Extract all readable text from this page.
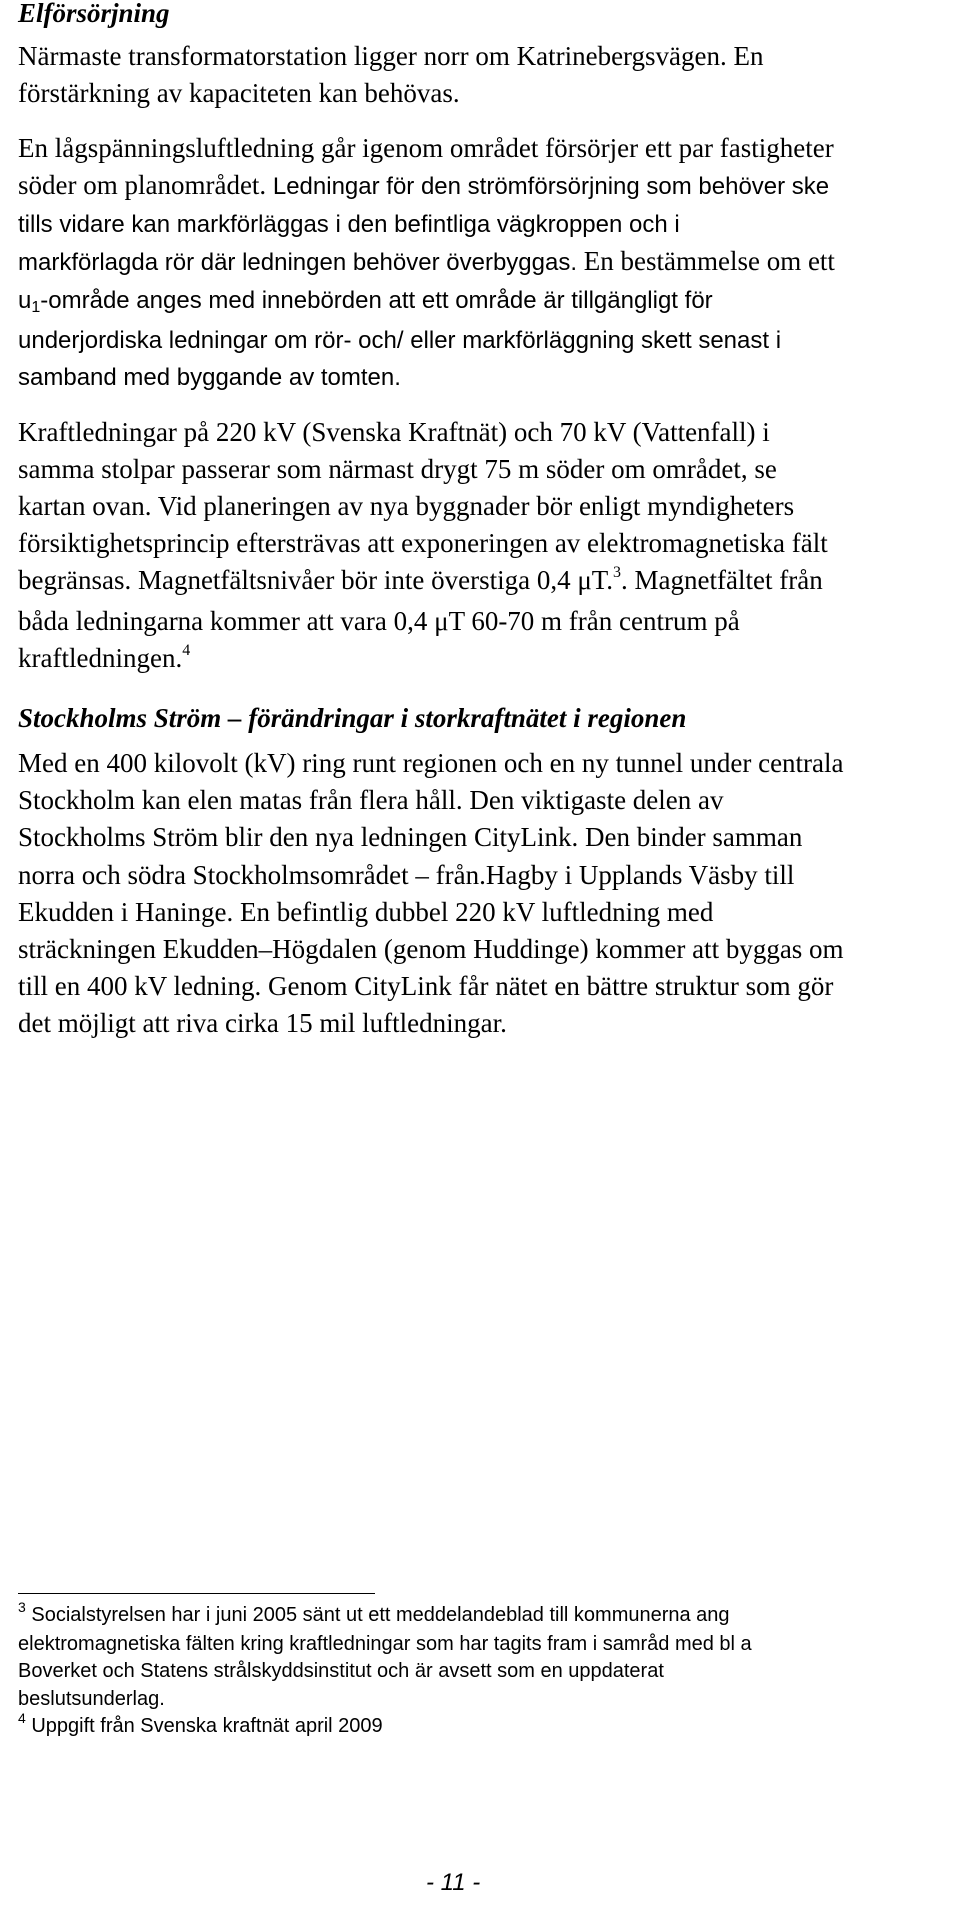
Elförsörjning

Närmaste transformatorstation ligger norr om Katrinebergsvägen. En
förstärkning av kapaciteten kan behövas.

En lågspänningsluftledning går igenom området försörjer ett par fastigheter
söder om planområdet. Ledningar för den strömförsörjning som behöver ske
tills vidare kan markförläggas i den befintliga vägkroppen och i
markförlagda rör där ledningen behöver överbyggas. En bestämmelse om ett
u1-område anges med innebörden att ett område är tillgängligt för
underjordiska ledningar om rör- och/ eller markförläggning skett senast i
samband med byggande av tomten.

Kraftledningar på 220 kV (Svenska Kraftnät) och 70 kV (Vattenfall) i
samma stolpar passerar som närmast drygt 75 m söder om området, se
kartan ovan. Vid planeringen av nya byggnader bör enligt myndigheters
försiktighetsprincip eftersträvas att exponeringen av elektromagnetiska fält
begränsas. Magnetfältsnivåer bör inte överstiga 0,4 μT.$^3$. Magnetfältet från
båda ledningarna kommer att vara 0,4 μT 60-70 m från centrum på
kraftledningen.$^4$

Stockholms Ström – förändringar i storkraftnätet i regionen

Med en 400 kilovolt (kV) ring runt regionen och en ny tunnel under centrala
Stockholm kan elen matas från flera håll. Den viktigaste delen av
Stockholms Ström blir den nya ledningen CityLink. Den binder samman
norra och södra Stockholmsområdet – från.Hagby i Upplands Väsby till
Ekudden i Haninge. En befintlig dubbel 220 kV luftledning med
sträckningen Ekudden–Högdalen (genom Huddinge) kommer att byggas om
till en 400 kV ledning. Genom CityLink får nätet en bättre struktur som gör
det möjligt att riva cirka 15 mil luftledningar.

$^3$ Socialstyrelsen har i juni 2005 sänt ut ett meddelandeblad till kommunerna ang
elektromagnetiska fälten kring kraftledningar som har tagits fram i samråd med bl a
Boverket och Statens strålskyddsinstitut och är avsett som en uppdaterat
beslutsunderlag.
$^4$ Uppgift från Svenska kraftnät april 2009
- 11 -
